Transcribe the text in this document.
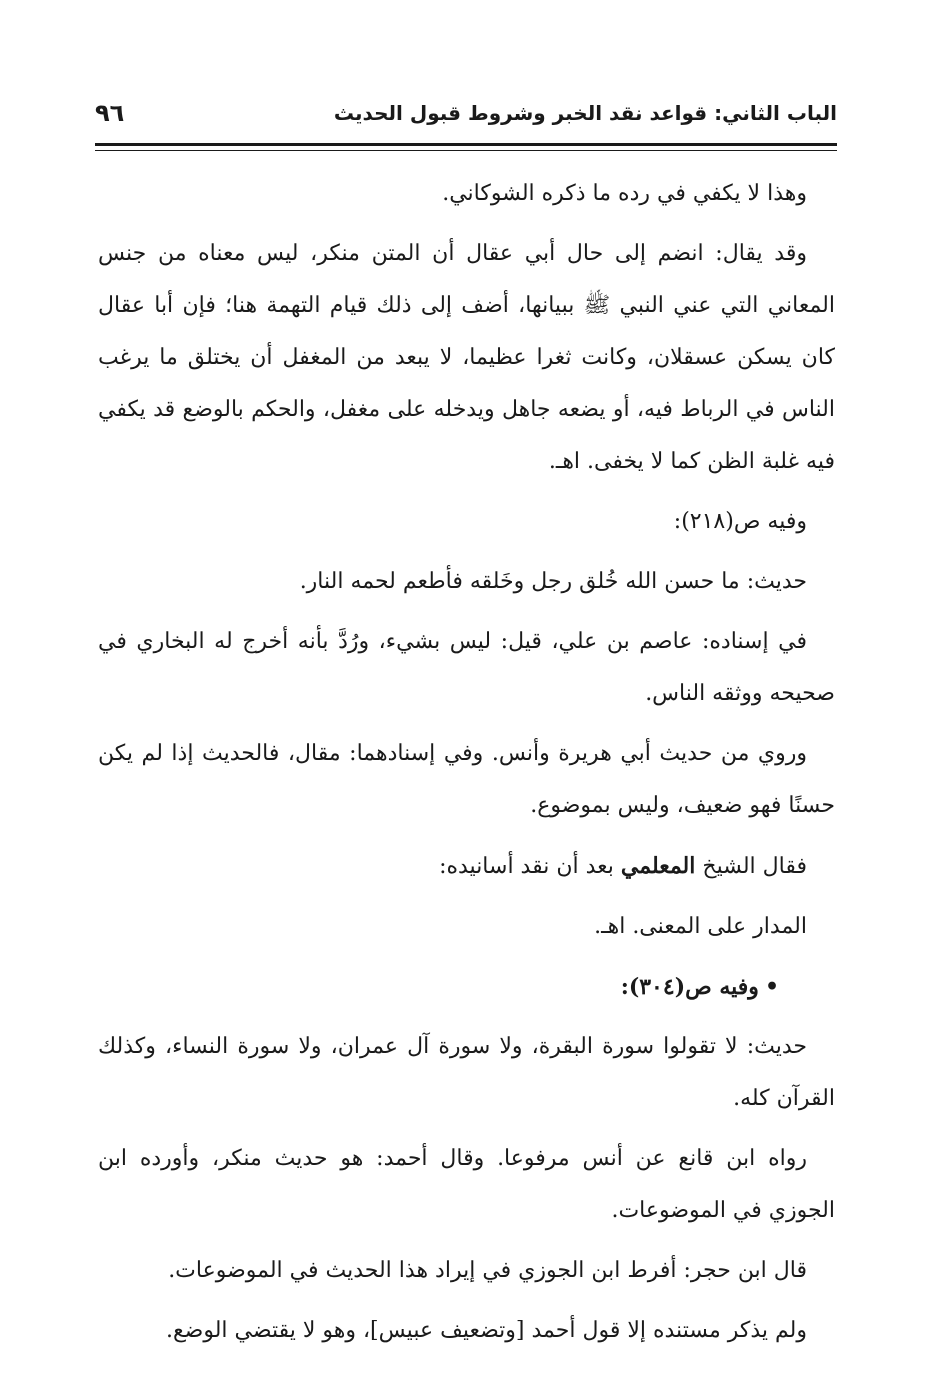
الباب الثاني: قواعد نقد الخبر وشروط قبول الحديث
٩٦

وهذا لا يكفي في رده ما ذكره الشوكاني.

وقد يقال: انضم إلى حال أبي عقال أن المتن منكر، ليس معناه من جنس المعاني التي عني النبي ﷺ ببيانها، أضف إلى ذلك قيام التهمة هنا؛ فإن أبا عقال كان يسكن عسقلان، وكانت ثغرا عظيما، لا يبعد من المغفل أن يختلق ما يرغب الناس في الرباط فيه، أو يضعه جاهل ويدخله على مغفل، والحكم بالوضع قد يكفي فيه غلبة الظن كما لا يخفى. اهـ.

وفيه ص(٢١٨):

حديث: ما حسن الله خُلق رجل وخَلقه فأطعم لحمه النار.

في إسناده: عاصم بن علي، قيل: ليس بشيء، ورُدَّ بأنه أخرج له البخاري في صحيحه ووثقه الناس.

وروي من حديث أبي هريرة وأنس. وفي إسنادهما: مقال، فالحديث إذا لم يكن حسنًا فهو ضعيف، وليس بموضوع.

فقال الشيخ المعلمي بعد أن نقد أسانيده:

المدار على المعنى. اهـ.

•وفيه ص(٣٠٤):

حديث: لا تقولوا سورة البقرة، ولا سورة آل عمران، ولا سورة النساء، وكذلك القرآن كله.

رواه ابن قانع عن أنس مرفوعا. وقال أحمد: هو حديث منكر، وأورده ابن الجوزي في الموضوعات.

قال ابن حجر: أفرط ابن الجوزي في إيراد هذا الحديث في الموضوعات.

ولم يذكر مستنده إلا قول أحمد [وتضعيف عبيس]، وهو لا يقتضي الوضع.
